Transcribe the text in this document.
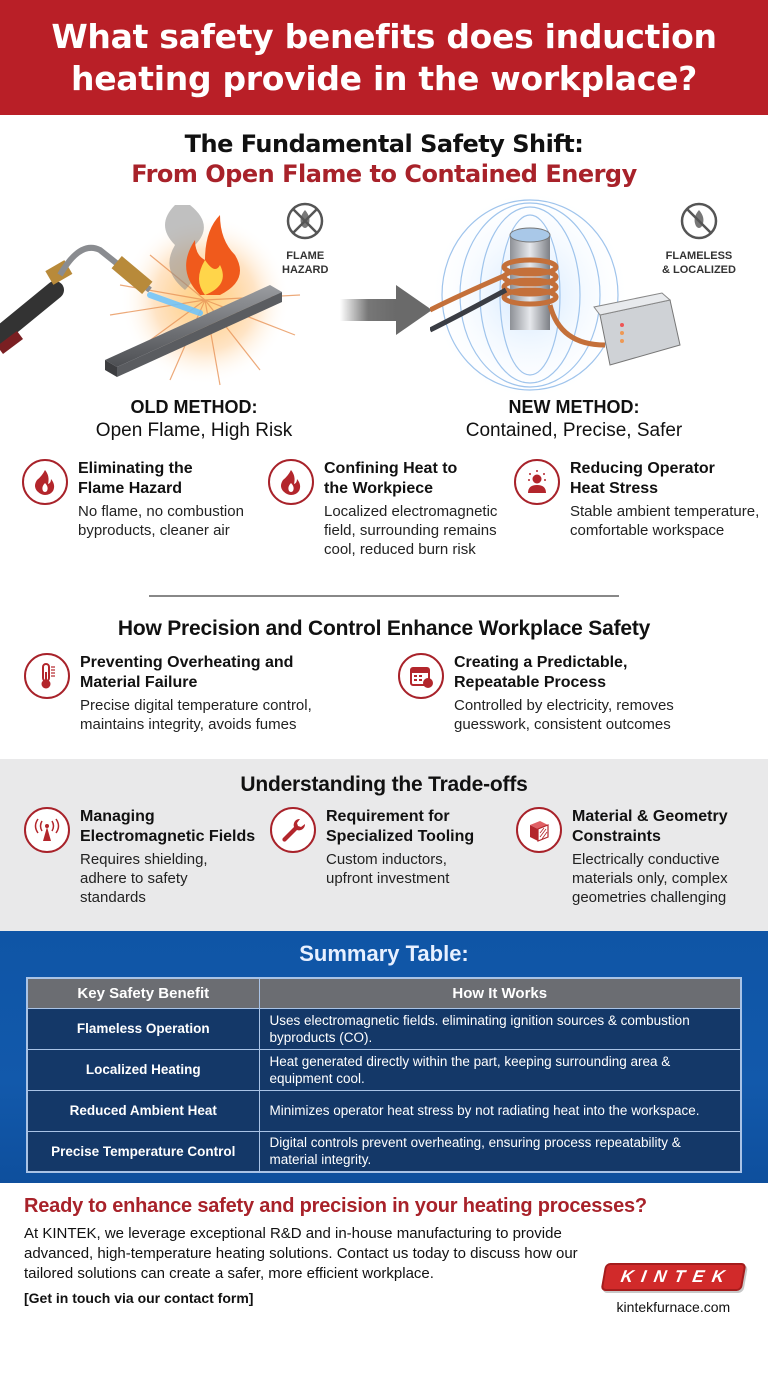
What safety benefits does induction
heating provide in the workplace?
The Fundamental Safety Shift:
From Open Flame to Contained Energy
FLAME
HAZARD
FLAMELESS
& LOCALIZED
OLD METHOD:
Open Flame, High Risk
NEW METHOD:
Contained, Precise, Safer
Eliminating the Flame Hazard
No flame, no combustion byproducts, cleaner air
Confining Heat to the Workpiece
Localized electromagnetic field, surrounding remains cool, reduced burn risk
Reducing Operator Heat Stress
Stable ambient temperature, comfortable workspace
How Precision and Control Enhance Workplace Safety
Preventing Overheating and Material Failure
Precise digital temperature control, maintains integrity, avoids fumes
Creating a Predictable, Repeatable Process
Controlled by electricity, removes guesswork, consistent outcomes
Understanding the Trade-offs
Managing Electromagnetic Fields
Requires shielding, adhere to safety standards
Requirement for Specialized Tooling
Custom inductors, upfront investment
Material & Geometry Constraints
Electrically conductive materials only, complex geometries challenging
Summary Table:
Key Safety Benefit	How It Works
Flameless Operation	Uses electromagnetic fields. eliminating ignition sources & combustion byproducts (CO).
Localized Heating	Heat generated directly within the part, keeping surrounding area & equipment cool.
Reduced Ambient Heat	Minimizes operator heat stress by not radiating heat into the workspace.
Precise Temperature Control	Digital controls prevent overheating, ensuring process repeatability & material integrity.
Ready to enhance safety and precision in your heating processes?
At KINTEK, we leverage exceptional R&D and in-house manufacturing to provide advanced, high-temperature heating solutions. Contact us today to discuss how our tailored solutions can create a safer, more efficient workplace.
[Get in touch via our contact form]
KINTEK
kintekfurnace.com
